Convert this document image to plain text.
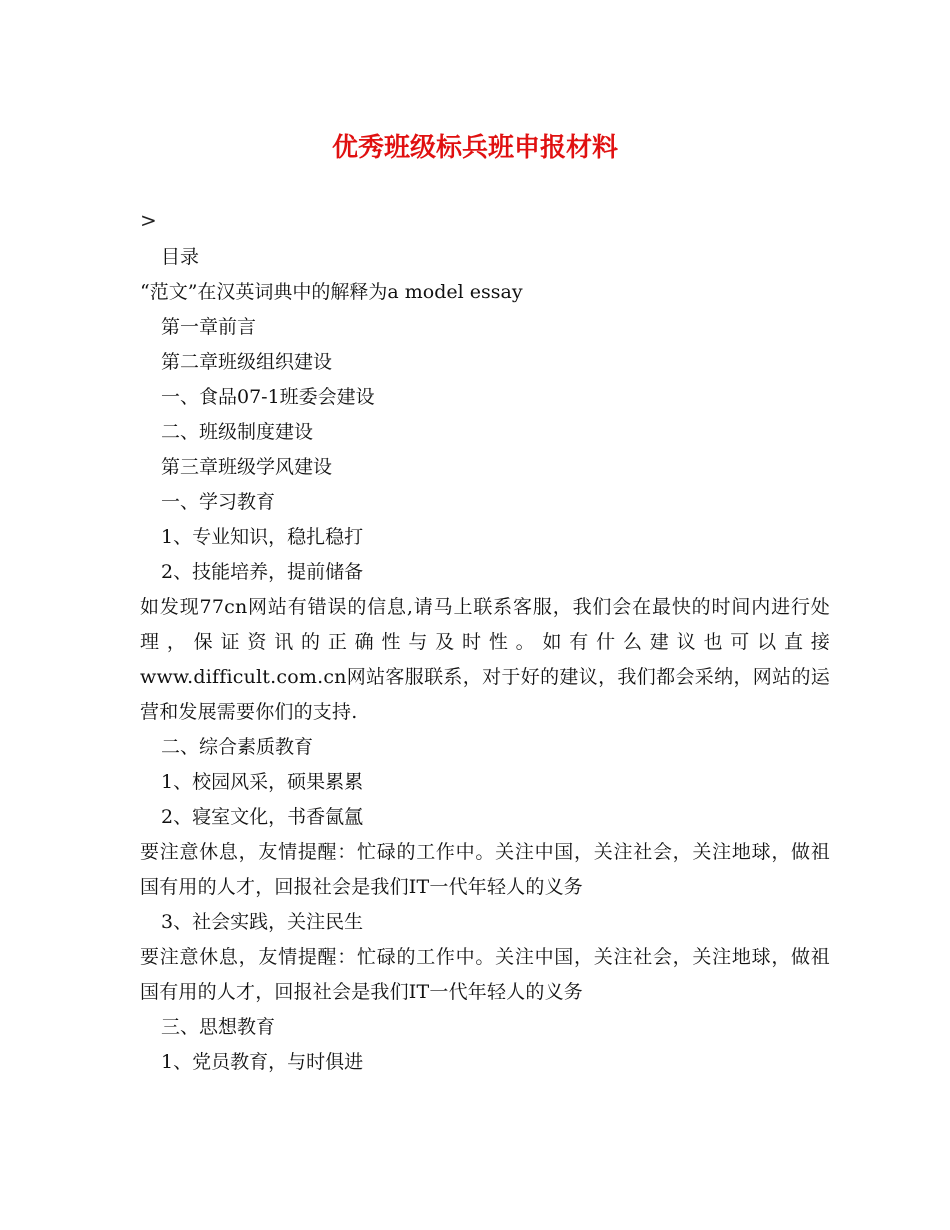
优秀班级标兵班申报材料
>

目录

“范文”在汉英词典中的解释为a model essay

第一章前言

第二章班级组织建设

一、食品07-1班委会建设

二、班级制度建设

第三章班级学风建设

一、学习教育

1、专业知识，稳扎稳打

2、技能培养，提前储备

如发现77cn网站有错误的信息,请马上联系客服，我们会在最快的时间内进行处理，保证资讯的正确性与及时性。如有什么建议也可以直接www.difficult.com.cn网站客服联系，对于好的建议，我们都会采纳，网站的运营和发展需要你们的支持.

二、综合素质教育

1、校园风采，硕果累累

2、寝室文化，书香氤氲

要注意休息，友情提醒：忙碌的工作中。关注中国，关注社会，关注地球，做祖国有用的人才，回报社会是我们IT一代年轻人的义务

3、社会实践，关注民生

要注意休息，友情提醒：忙碌的工作中。关注中国，关注社会，关注地球，做祖国有用的人才，回报社会是我们IT一代年轻人的义务

三、思想教育

1、党员教育，与时俱进
